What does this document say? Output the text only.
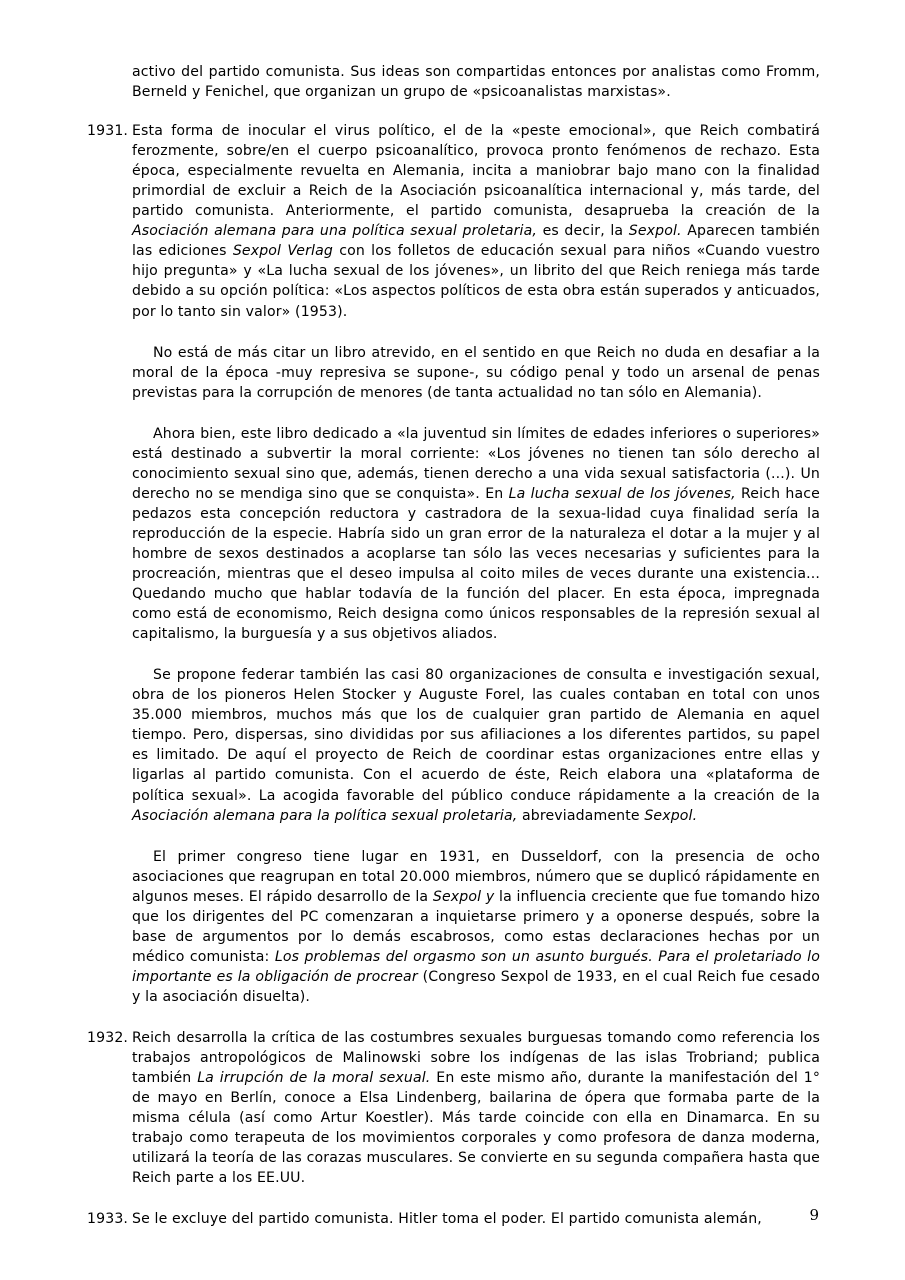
activo del partido comunista. Sus ideas son compartidas entonces por analistas como Fromm, Berneld y Fenichel, que organizan un grupo de «psicoanalistas marxistas».

1931. Esta forma de inocular el virus político, el de la «peste emocional», que Reich combatirá ferozmente, sobre/en el cuerpo psicoanalítico, provoca pronto fenómenos de rechazo. Esta época, especialmente revuelta en Alemania, incita a maniobrar bajo mano con la finalidad primordial de excluir a Reich de la Asociación psicoanalítica internacional y, más tarde, del partido comunista. Anteriormente, el partido comunista, desaprueba la creación de la Asociación alemana para una política sexual proletaria, es decir, la Sexpol. Aparecen también las ediciones Sexpol Verlag con los folletos de educación sexual para niños «Cuando vuestro hijo pregunta» y «La lucha sexual de los jóvenes», un librito del que Reich reniega más tarde debido a su opción política: «Los aspectos políticos de esta obra están superados y anticuados, por lo tanto sin valor» (1953).

No está de más citar un libro atrevido, en el sentido en que Reich no duda en desafiar a la moral de la época -muy represiva se supone-, su código penal y todo un arsenal de penas previstas para la corrupción de menores (de tanta actualidad no tan sólo en Alemania).

Ahora bien, este libro dedicado a «la juventud sin límites de edades inferiores o superiores» está destinado a subvertir la moral corriente: «Los jóvenes no tienen tan sólo derecho al conocimiento sexual sino que, además, tienen derecho a una vida sexual satisfactoria (...). Un derecho no se mendiga sino que se conquista». En La lucha sexual de los jóvenes, Reich hace pedazos esta concepción reductora y castradora de la sexua-lidad cuya finalidad sería la reproducción de la especie. Habría sido un gran error de la naturaleza el dotar a la mujer y al hombre de sexos destinados a acoplarse tan sólo las veces necesarias y suficientes para la procreación, mientras que el deseo impulsa al coito miles de veces durante una existencia... Quedando mucho que hablar todavía de la función del placer. En esta época, impregnada como está de economismo, Reich designa como únicos responsables de la represión sexual al capitalismo, la burguesía y a sus objetivos aliados.

Se propone federar también las casi 80 organizaciones de consulta e investigación sexual, obra de los pioneros Helen Stocker y Auguste Forel, las cuales contaban en total con unos 35.000 miembros, muchos más que los de cualquier gran partido de Alemania en aquel tiempo. Pero, dispersas, sino divididas por sus afiliaciones a los diferentes partidos, su papel es limitado. De aquí el proyecto de Reich de coordinar estas organizaciones entre ellas y ligarlas al partido comunista. Con el acuerdo de éste, Reich elabora una «plataforma de política sexual». La acogida favorable del público conduce rápidamente a la creación de la Asociación alemana para la política sexual proletaria, abreviadamente Sexpol.

El primer congreso tiene lugar en 1931, en Dusseldorf, con la presencia de ocho asociaciones que reagrupan en total 20.000 miembros, número que se duplicó rápidamente en algunos meses. El rápido desarrollo de la Sexpol y la influencia creciente que fue tomando hizo que los dirigentes del PC comenzaran a inquietarse primero y a oponerse después, sobre la base de argumentos por lo demás escabrosos, como estas declaraciones hechas por un médico comunista: Los problemas del orgasmo son un asunto burgués. Para el proletariado lo importante es la obligación de procrear (Congreso Sexpol de 1933, en el cual Reich fue cesado y la asociación disuelta).

1932. Reich desarrolla la crítica de las costumbres sexuales burguesas tomando como referencia los trabajos antropológicos de Malinowski sobre los indígenas de las islas Trobriand; publica también La irrupción de la moral sexual. En este mismo año, durante la manifestación del 1° de mayo en Berlín, conoce a Elsa Lindenberg, bailarina de ópera que formaba parte de la misma célula (así como Artur Koestler). Más tarde coincide con ella en Dinamarca. En su trabajo como terapeuta de los movimientos corporales y como profesora de danza moderna, utilizará la teoría de las corazas musculares. Se convierte en su segunda compañera hasta que Reich parte a los EE.UU.
1933. Se le excluye del partido comunista. Hitler toma el poder. El partido comunista alemán,	9
